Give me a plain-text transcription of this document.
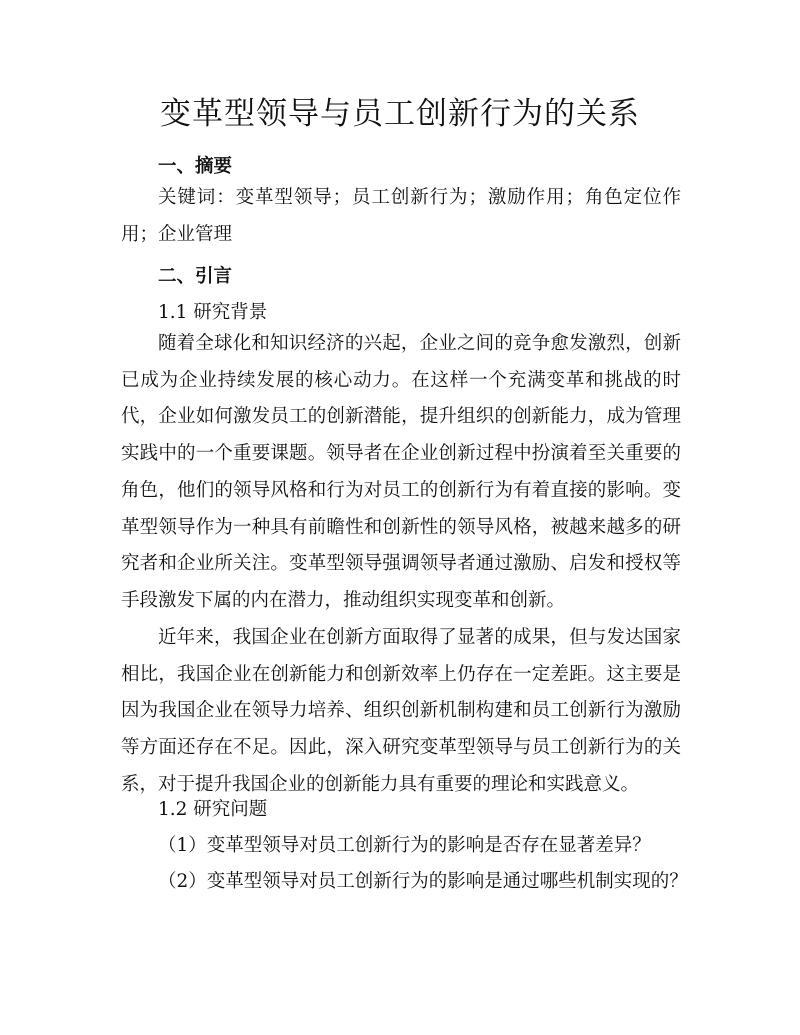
变革型领导与员工创新行为的关系
一、摘要
关键词：变革型领导；员工创新行为；激励作用；角色定位作用；企业管理
二、引言
1.1 研究背景
随着全球化和知识经济的兴起，企业之间的竞争愈发激烈，创新已成为企业持续发展的核心动力。在这样一个充满变革和挑战的时代，企业如何激发员工的创新潜能，提升组织的创新能力，成为管理实践中的一个重要课题。领导者在企业创新过程中扮演着至关重要的角色，他们的领导风格和行为对员工的创新行为有着直接的影响。变革型领导作为一种具有前瞻性和创新性的领导风格，被越来越多的研究者和企业所关注。变革型领导强调领导者通过激励、启发和授权等手段激发下属的内在潜力，推动组织实现变革和创新。
近年来，我国企业在创新方面取得了显著的成果，但与发达国家相比，我国企业在创新能力和创新效率上仍存在一定差距。这主要是因为我国企业在领导力培养、组织创新机制构建和员工创新行为激励等方面还存在不足。因此，深入研究变革型领导与员工创新行为的关系，对于提升我国企业的创新能力具有重要的理论和实践意义。
1.2 研究问题
（1）变革型领导对员工创新行为的影响是否存在显著差异？
（2）变革型领导对员工创新行为的影响是通过哪些机制实现的？
